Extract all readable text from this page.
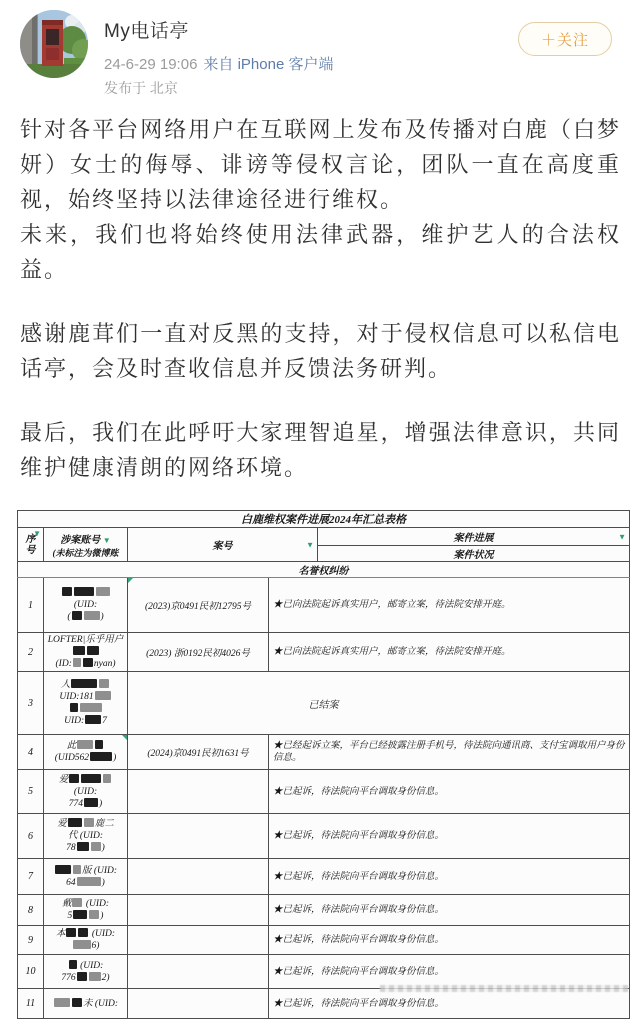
My电话亭
24-6-29 19:06 来自 iPhone 客户端
发布于 北京
＋关注

针对各平台网络用户在互联网上发布及传播对白鹿（白梦妍）女士的侮辱、诽谤等侵权言论，团队一直在高度重视，始终坚持以法律途径进行维权。

未来，我们也将始终使用法律武器，维护艺人的合法权益。

感谢鹿茸们一直对反黑的支持，对于侵权信息可以私信电话亭，会及时查收信息并反馈法务研判。

最后，我们在此呼吁大家理智追星，增强法律意识，共同维护健康清朗的网络环境。

白鹿维权案件进展2024年汇总表格				

▼
序号

涉案账号 ▼
(未标注为微博账
	案号	▼
	案件进展	▼

				案件状况
名誉权纠纷				
1	(UID:
( )	(2023)京0491民初12795号	★已向法院起诉真实用户，邮寄立案，待法院安排开庭。	
2	LOFTER|乐乎用户
(ID: nyan)	(2023) 浙0192民初4026号	★已向法院起诉真实用户，邮寄立案，待法院安排开庭。	
3	人
UID:181
UID: 7	已结案		
4	此
(UID562 )	(2024)京0491民初1631号	★已经起诉立案，平台已经披露注册手机号，待法院向通讯商、支付宝调取用户身份信息。	
5	爱
(UID:
774 )		★已起诉，待法院向平台调取身份信息。	
6	爱 鹿二
代 (UID:
78 )		★已起诉，待法院向平台调取身份信息。	
7	版 (UID:
64 )		★已起诉，待法院向平台调取身份信息。	
8	戴 (UID:
5 )		★已起诉，待法院向平台调取身份信息。	
9	本 (UID:
6)		★已起诉，待法院向平台调取身份信息。	
10	(UID:
776 2)		★已起诉，待法院向平台调取身份信息。	
11	未 (UID:		★已起诉，待法院向平台调取身份信息。	
